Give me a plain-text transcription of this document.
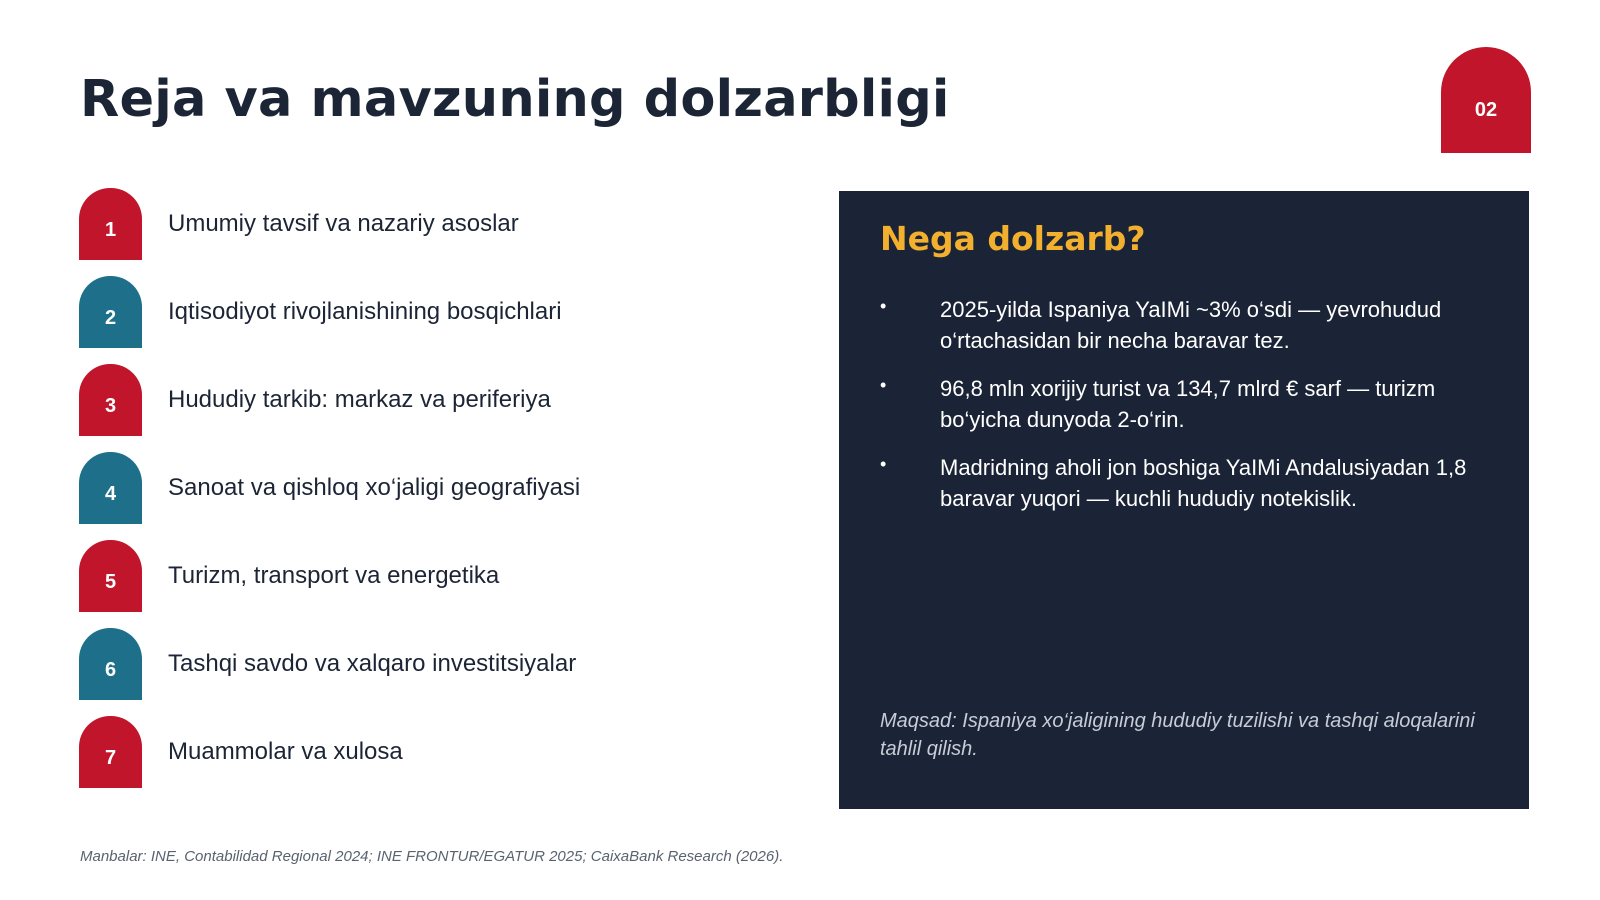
Reja va mavzuning dolzarbligi	02
1	Umumiy tavsif va nazariy asoslar
2	Iqtisodiyot rivojlanishining bosqichlari
3	Hududiy tarkib: markaz va periferiya
4	Sanoat va qishloq xo‘jaligi geografiyasi
5	Turizm, transport va energetika
6	Tashqi savdo va xalqaro investitsiyalar
7	Muammolar va xulosa
Nega dolzarb?
• 2025-yilda Ispaniya YaIMi ~3% o‘sdi — yevrohudud o‘rtachasidan bir necha baravar tez.
• 96,8 mln xorijiy turist va 134,7 mlrd € sarf — turizm bo‘yicha dunyoda 2-o‘rin.
• Madridning aholi jon boshiga YaIMi Andalusiyadan 1,8 baravar yuqori — kuchli hududiy notekislik.

Maqsad: Ispaniya xo‘jaligining hududiy tuzilishi va tashqi aloqalarini tahlil qilish.

Manbalar: INE, Contabilidad Regional 2024; INE FRONTUR/EGATUR 2025; CaixaBank Research (2026).
